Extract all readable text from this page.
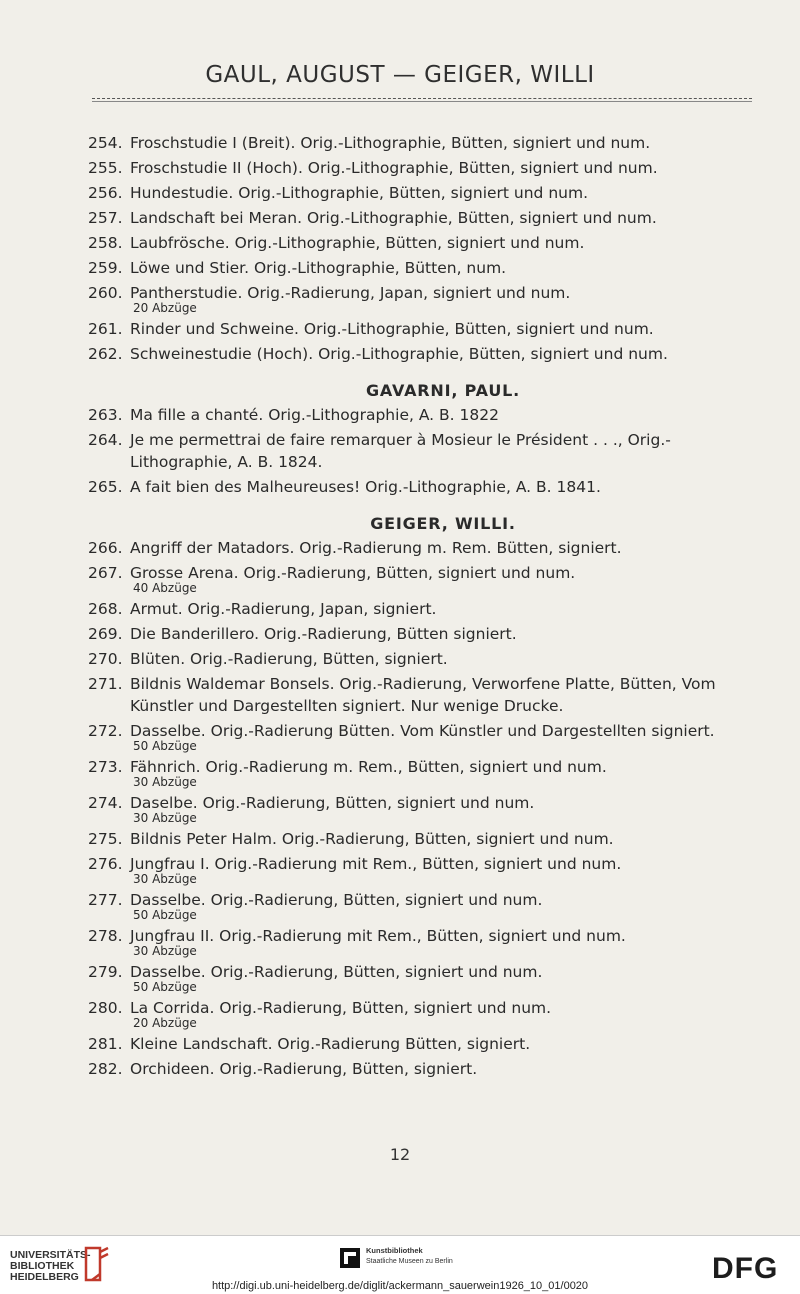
GAUL, AUGUST — GEIGER, WILLI
254. Froschstudie I (Breit). Orig.-Lithographie, Bütten, signiert und num.
255. Froschstudie II (Hoch). Orig.-Lithographie, Bütten, signiert und num.
256. Hundestudie. Orig.-Lithographie, Bütten, signiert und num.
257. Landschaft bei Meran. Orig.-Lithographie, Bütten, signiert und num.
258. Laubfrösche. Orig.-Lithographie, Bütten, signiert und num.
259. Löwe und Stier. Orig.-Lithographie, Bütten, num.
260. Pantherstudie. Orig.-Radierung, Japan, signiert und num.
20 Abzüge
261. Rinder und Schweine. Orig.-Lithographie, Bütten, signiert und num.
262. Schweinestudie (Hoch). Orig.-Lithographie, Bütten, signiert und num.
GAVARNI, PAUL.
263. Ma fille a chanté. Orig.-Lithographie, A. B. 1822
264. Je me permettrai de faire remarquer à Mosieur le Président . . ., Orig.- Lithographie, A. B. 1824.
265. A fait bien des Malheureuses! Orig.-Lithographie, A. B. 1841.
GEIGER, WILLI.
266. Angriff der Matadors. Orig.-Radierung m. Rem. Bütten, signiert.
267. Grosse Arena. Orig.-Radierung, Bütten, signiert und num.
40 Abzüge
268. Armut. Orig.-Radierung, Japan, signiert.
269. Die Banderillero. Orig.-Radierung, Bütten signiert.
270. Blüten. Orig.-Radierung, Bütten, signiert.
271. Bildnis Waldemar Bonsels. Orig.-Radierung, Verworfene Platte, Bütten, Vom Künstler und Dargestellten signiert. Nur wenige Drucke.
272. Dasselbe. Orig.-Radierung Bütten. Vom Künstler und Dargestellten signiert.
50 Abzüge
273. Fähnrich. Orig.-Radierung m. Rem., Bütten, signiert und num.
30 Abzüge
274. Daselbe. Orig.-Radierung, Bütten, signiert und num.
30 Abzüge
275. Bildnis Peter Halm. Orig.-Radierung, Bütten, signiert und num.
276. Jungfrau I. Orig.-Radierung mit Rem., Bütten, signiert und num.
30 Abzüge
277. Dasselbe. Orig.-Radierung, Bütten, signiert und num.
50 Abzüge
278. Jungfrau II. Orig.-Radierung mit Rem., Bütten, signiert und num.
30 Abzüge
279. Dasselbe. Orig.-Radierung, Bütten, signiert und num.
50 Abzüge
280. La Corrida. Orig.-Radierung, Bütten, signiert und num.
20 Abzüge
281. Kleine Landschaft. Orig.-Radierung Bütten, signiert.
282. Orchideen. Orig.-Radierung, Bütten, signiert.
12
UNIVERSITÄTS-
BIBLIOTHEK
HEIDELBERG
Kunstbibliothek
Staatliche Museen zu Berlin
http://digi.ub.uni-heidelberg.de/diglit/ackermann_sauerwein1926_10_01/0020
DFG
